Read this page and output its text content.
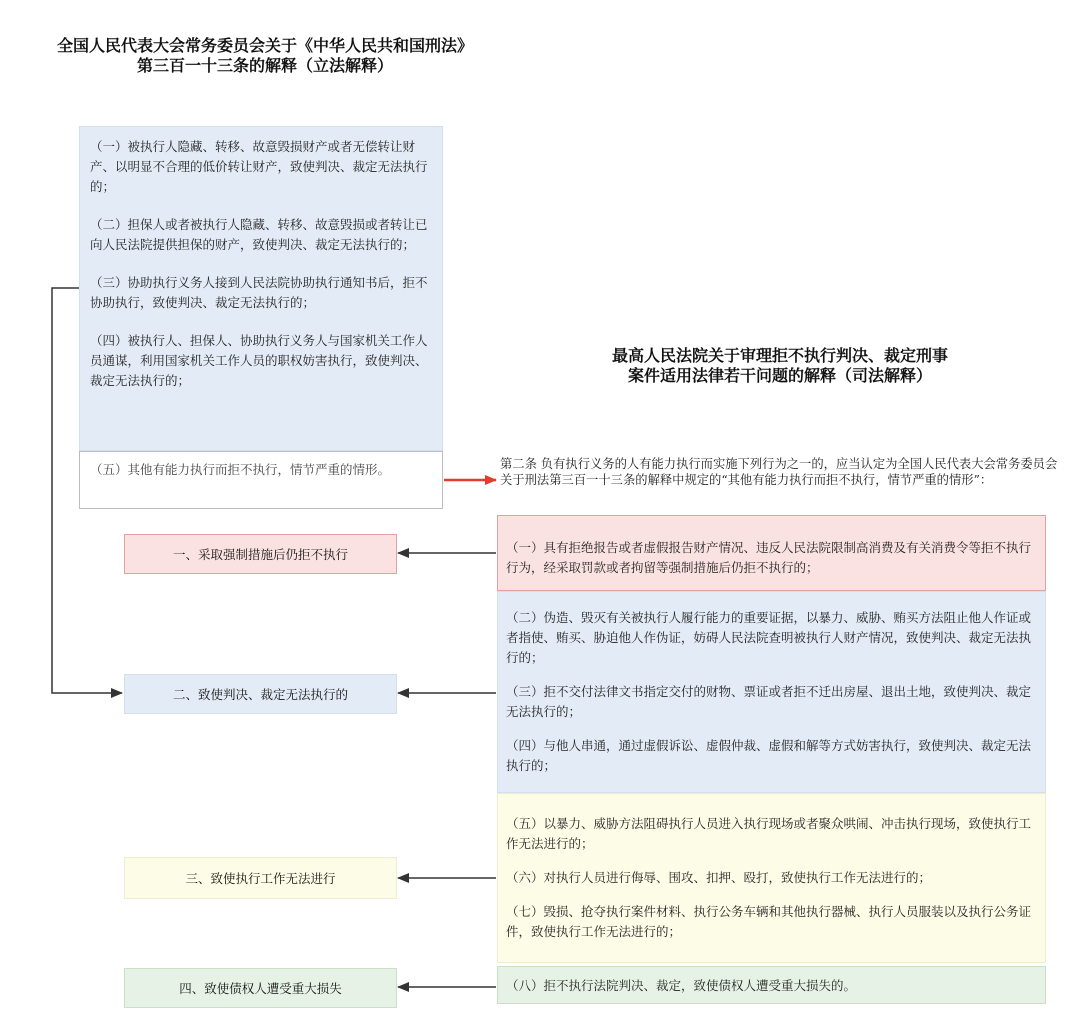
全国人民代表大会常务委员会关于《中华人民共和国刑法》
第三百一十三条的解释（立法解释）

（一）被执行人隐藏、转移、故意毁损财产或者无偿转让财产、以明显不合理的低价转让财产，致使判决、裁定无法执行的；

（二）担保人或者被执行人隐藏、转移、故意毁损或者转让已向人民法院提供担保的财产，致使判决、裁定无法执行的；

（三）协助执行义务人接到人民法院协助执行通知书后，拒不协助执行，致使判决、裁定无法执行的；

（四）被执行人、担保人、协助执行义务人与国家机关工作人员通谋，利用国家机关工作人员的职权妨害执行，致使判决、裁定无法执行的；

（五）其他有能力执行而拒不执行，情节严重的情形。

最高人民法院关于审理拒不执行判决、裁定刑事
案件适用法律若干问题的解释（司法解释）

第二条 负有执行义务的人有能力执行而实施下列行为之一的，应当认定为全国人民代表大会常务委员会关于刑法第三百一十三条的解释中规定的“其他有能力执行而拒不执行，情节严重的情形”：

（一）具有拒绝报告或者虚假报告财产情况、违反人民法院限制高消费及有关消费令等拒不执行行为，经采取罚款或者拘留等强制措施后仍拒不执行的；

（二）伪造、毁灭有关被执行人履行能力的重要证据，以暴力、威胁、贿买方法阻止他人作证或者指使、贿买、胁迫他人作伪证，妨碍人民法院查明被执行人财产情况，致使判决、裁定无法执行的；

（三）拒不交付法律文书指定交付的财物、票证或者拒不迁出房屋、退出土地，致使判决、裁定无法执行的；

（四）与他人串通，通过虚假诉讼、虚假仲裁、虚假和解等方式妨害执行，致使判决、裁定无法执行的；

（五）以暴力、威胁方法阻碍执行人员进入执行现场或者聚众哄闹、冲击执行现场，致使执行工作无法进行的；

（六）对执行人员进行侮辱、围攻、扣押、殴打，致使执行工作无法进行的；

（七）毁损、抢夺执行案件材料、执行公务车辆和其他执行器械、执行人员服装以及执行公务证件，致使执行工作无法进行的；

（八）拒不执行法院判决、裁定，致使债权人遭受重大损失的。

一、采取强制措施后仍拒不执行
二、致使判决、裁定无法执行的
三、致使执行工作无法进行
四、致使债权人遭受重大损失
